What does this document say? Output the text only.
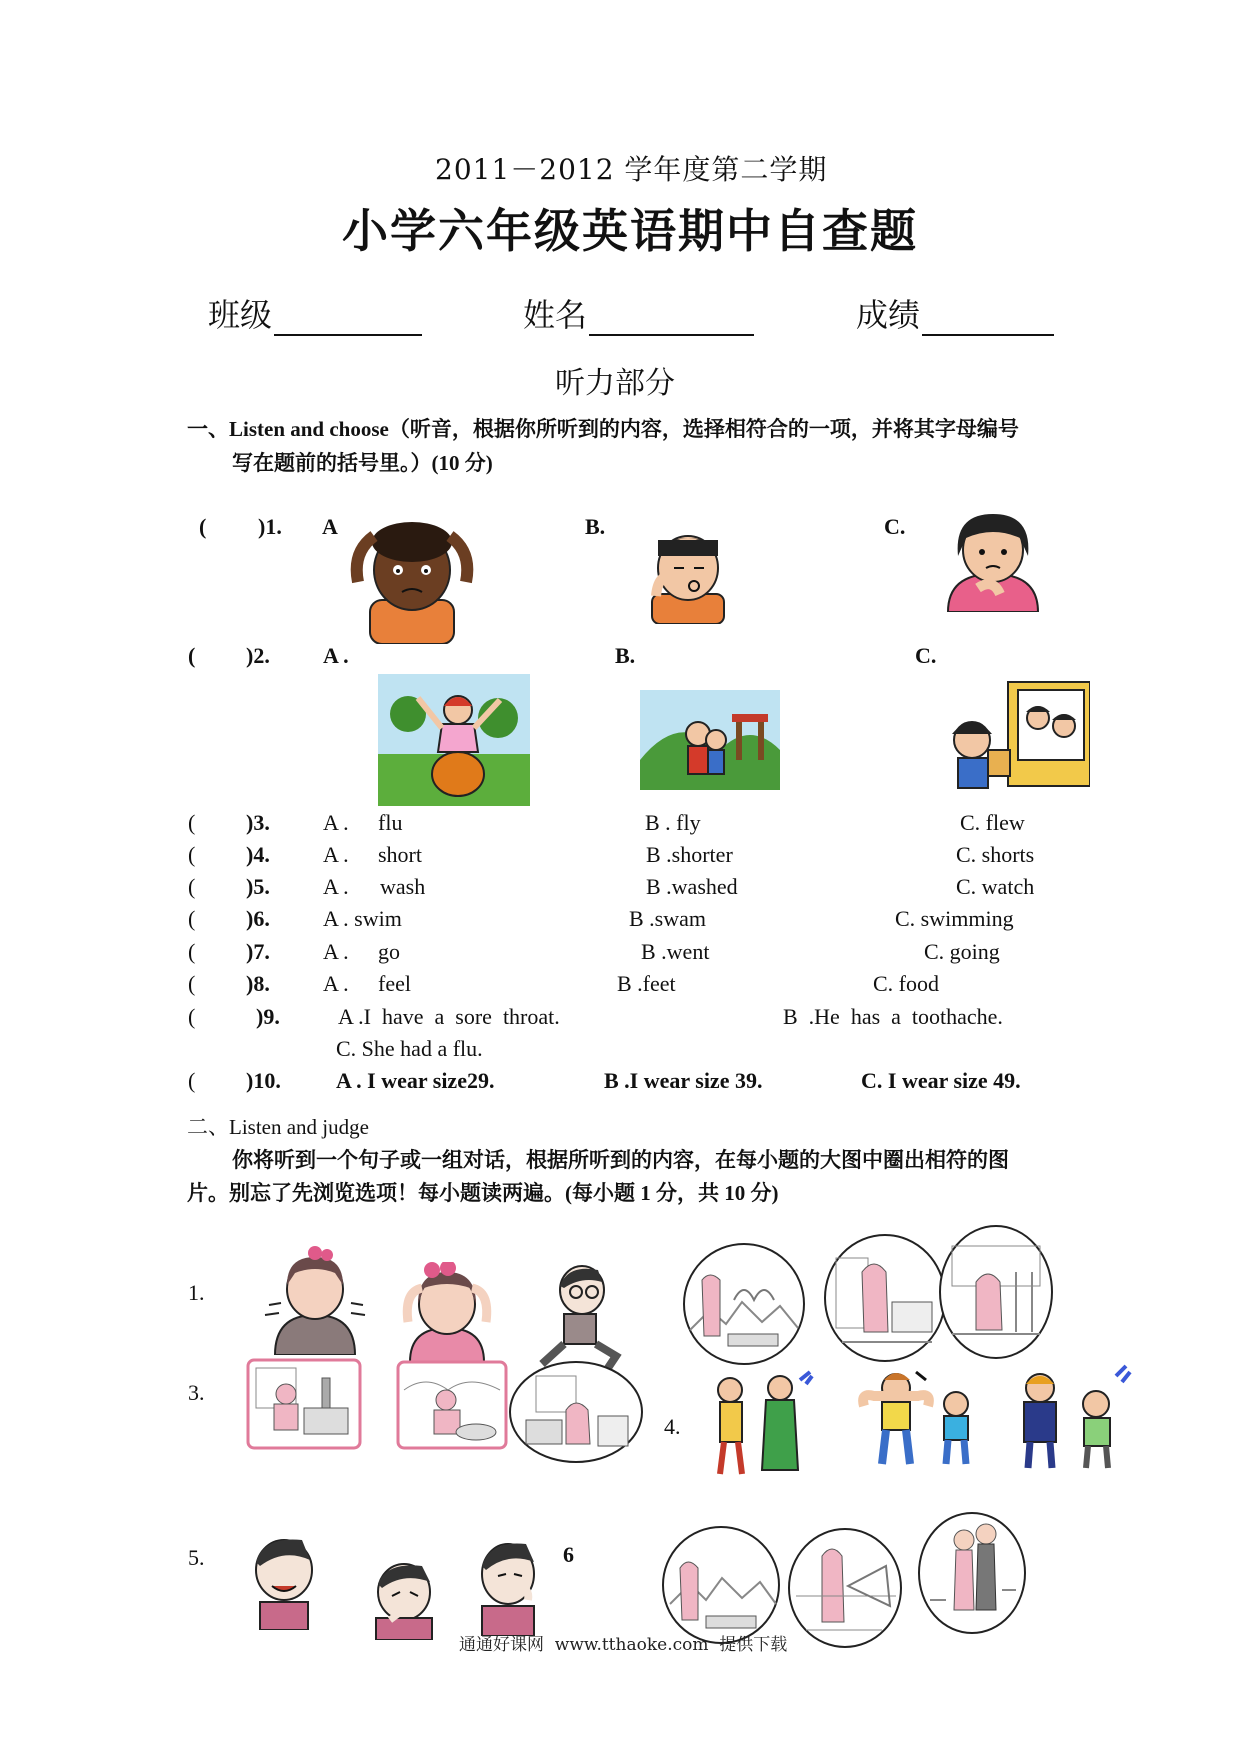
2011－2012 学年度第二学期
小学六年级英语期中自查题
班级	姓名	成绩
听力部分
一、Listen and choose（听音，根据你所听到的内容，选择相符合的一项，并将其字母编号
写在题前的括号里。）(10 分)
( )1. A	B.	C.
( )2. A .	B.	C.
( )3. A . flu	B . fly	C. flew
( )4. A . short	B .shorter	C. shorts
( )5. A . wash	B .washed	C. watch
( )6. A . swim	B .swam	C. swimming
( )7. A . go	B .went	C. going
( )8. A . feel	B .feet	C. food
(	)9.	A .I  have  a  sore  throat.	B  .He  has  a  toothache.
C. She had a flu.
( )10.	A . I wear size29.	B .I wear size 39.	C. I wear size 49.
二、Listen and judge
你将听到一个句子或一组对话，根据所听到的内容，在每小题的大图中圈出相符的图
片。别忘了先浏览选项！每小题读两遍。(每小题 1 分，共 10 分)
1.
3.
4.
5.	6
通通好课网  www.tthaoke.com  提供下载
